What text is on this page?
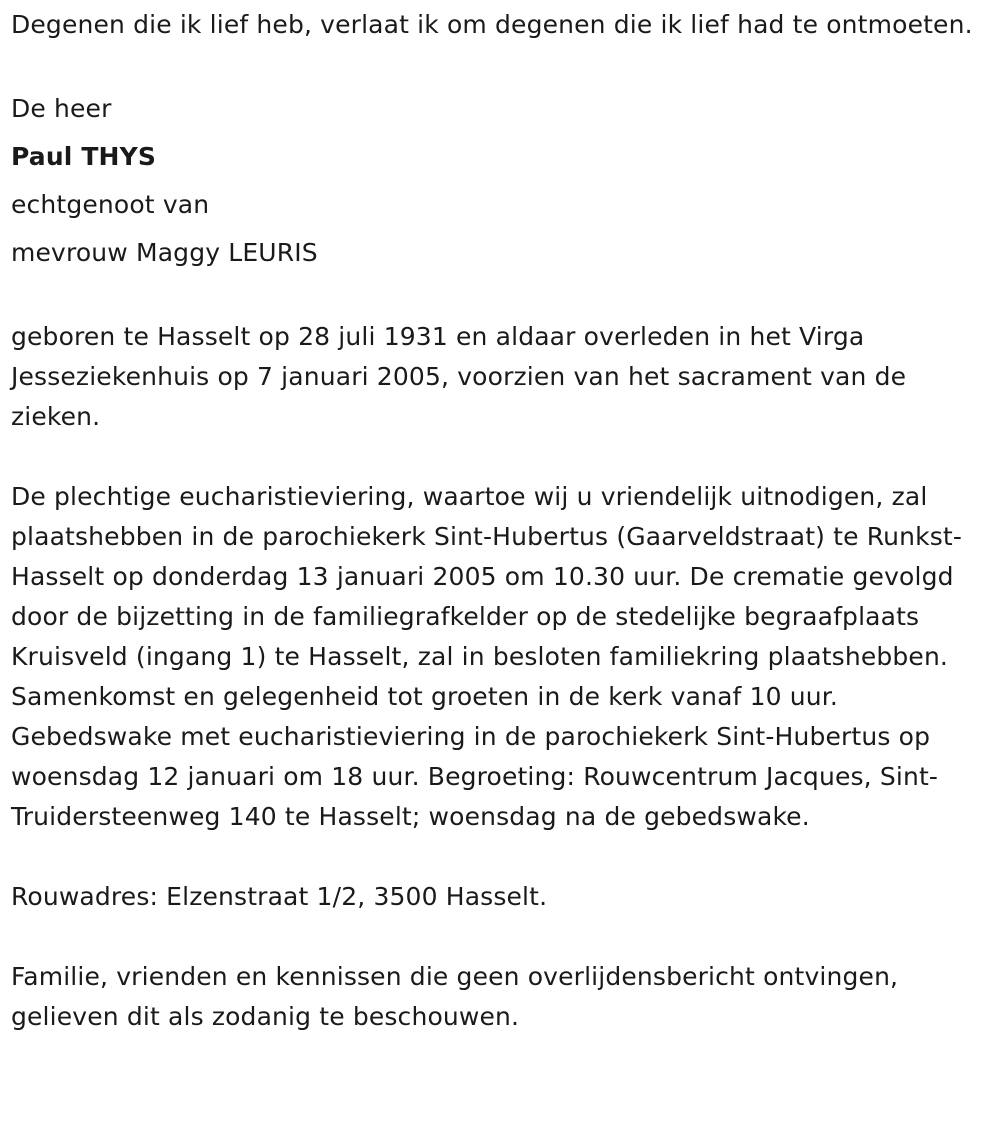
Degenen die ik lief heb, verlaat ik om degenen die ik lief had te ontmoeten.

De heer

Paul THYS

echtgenoot van

mevrouw Maggy LEURIS

geboren te Hasselt op 28 juli 1931 en aldaar overleden in het Virga Jesseziekenhuis op 7 januari 2005, voorzien van het sacrament van de zieken.

De plechtige eucharistieviering, waartoe wij u vriendelijk uitnodigen, zal plaatshebben in de parochiekerk Sint-Hubertus (Gaarveldstraat) te Runkst-Hasselt op donderdag 13 januari 2005 om 10.30 uur. De crematie gevolgd door de bijzetting in de familiegrafkelder op de stedelijke begraafplaats Kruisveld (ingang 1) te Hasselt, zal in besloten familiekring plaatshebben. Samenkomst en gelegenheid tot groeten in de kerk vanaf 10 uur. Gebedswake met eucharistieviering in de parochiekerk Sint-Hubertus op woensdag 12 januari om 18 uur. Begroeting: Rouwcentrum Jacques, Sint-Truidersteenweg 140 te Hasselt; woensdag na de gebedswake.

Rouwadres: Elzenstraat 1/2, 3500 Hasselt.

Familie, vrienden en kennissen die geen overlijdensbericht ontvingen, gelieven dit als zodanig te beschouwen.
